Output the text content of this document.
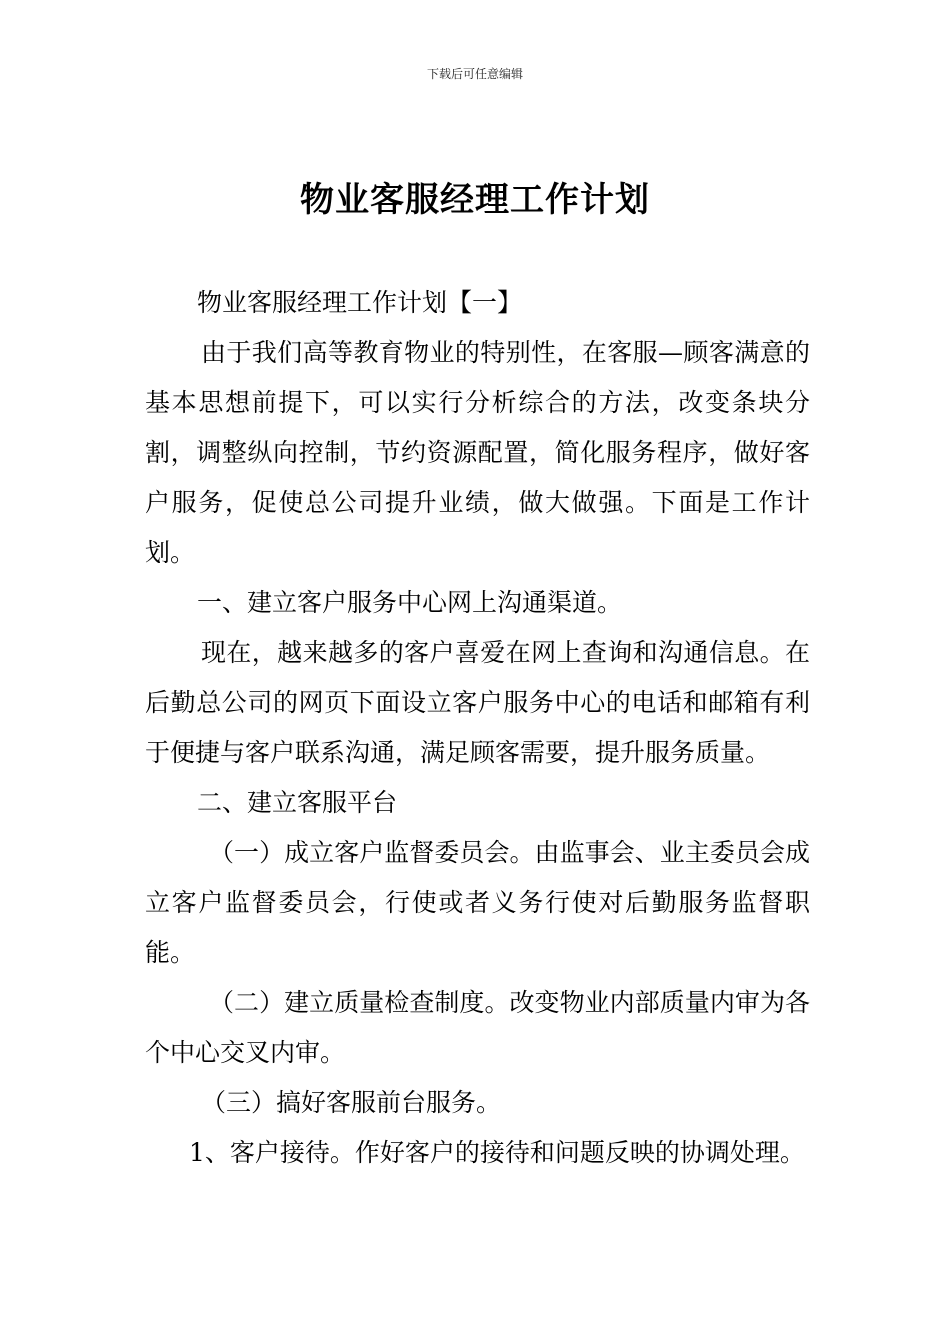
下载后可任意编辑
物业客服经理工作计划

物业客服经理工作计划【一】

由于我们高等教育物业的特别性，在客服—顾客满意的基本思想前提下，可以实行分析综合的方法，改变条块分割，调整纵向控制，节约资源配置，简化服务程序，做好客户服务，促使总公司提升业绩，做大做强。下面是工作计划。

一、建立客户服务中心网上沟通渠道。

现在，越来越多的客户喜爱在网上查询和沟通信息。在后勤总公司的网页下面设立客户服务中心的电话和邮箱有利于便捷与客户联系沟通，满足顾客需要，提升服务质量。

二、建立客服平台

（一）成立客户监督委员会。由监事会、业主委员会成立客户监督委员会，行使或者义务行使对后勤服务监督职能。

（二）建立质量检查制度。改变物业内部质量内审为各个中心交叉内审。

（三）搞好客服前台服务。

1、客户接待。作好客户的接待和问题反映的协调处理。
